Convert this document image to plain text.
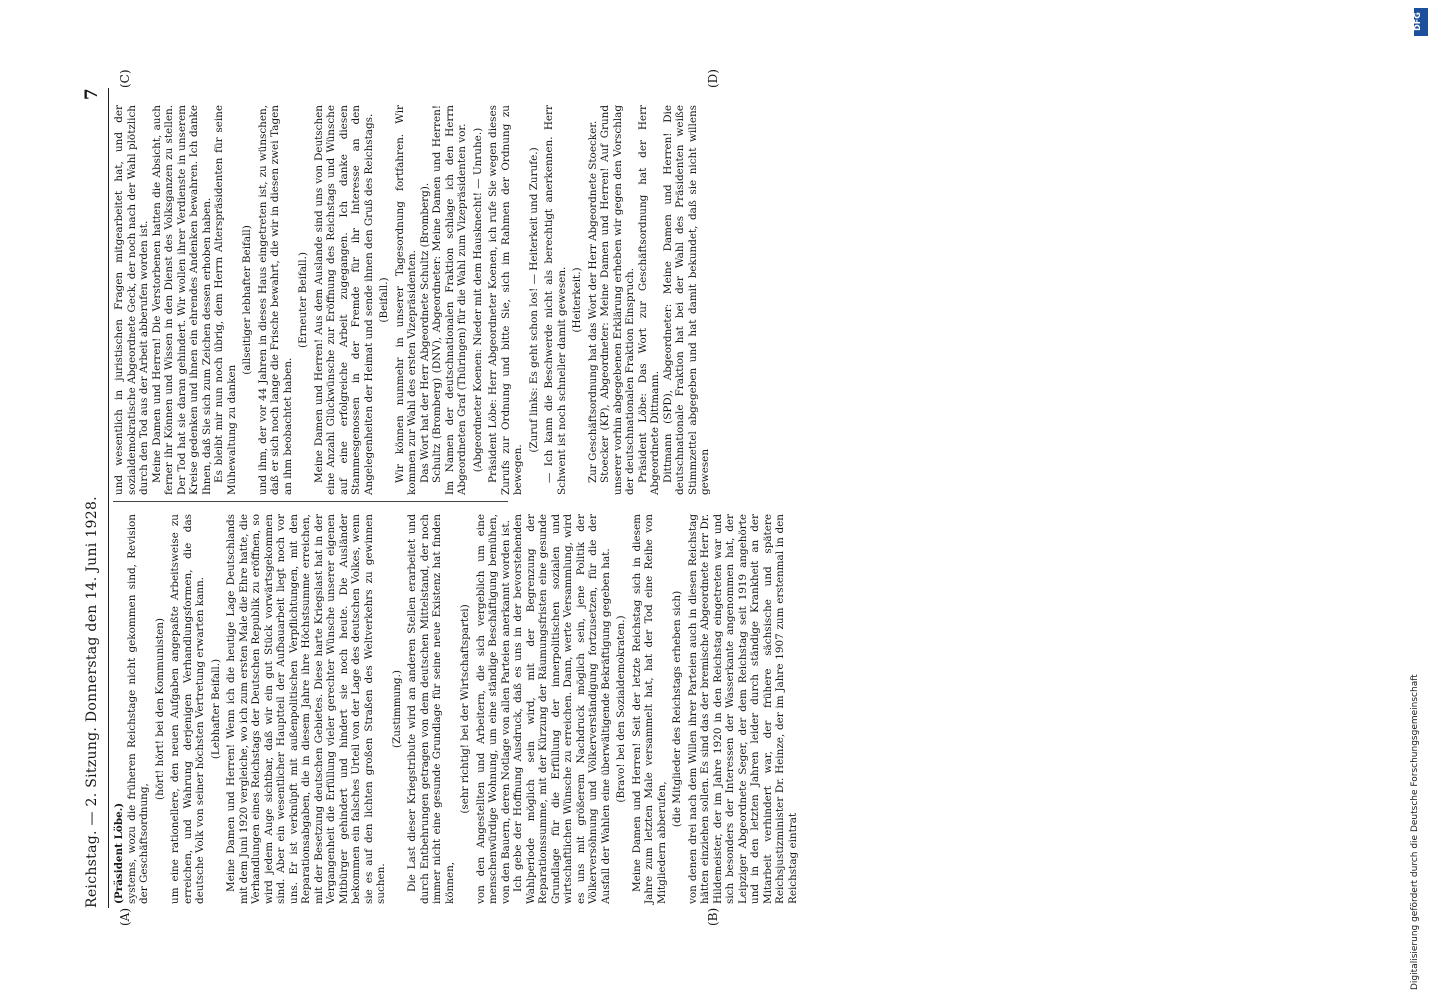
Reichstag. — 2. Sitzung. Donnerstag den 14. Juni 1928.
7
(A)	(B)
(C)	(D)

(Präsident Löbe.) systems, wozu die früheren Reichstage nicht gekommen sind, Revision der Geschäftsordnung,

(hört! hört! bei den Kommunisten) um eine rationellere, den neuen Aufgaben angepaßte Arbeitsweise zu erreichen, und Wahrung derjenigen Verhandlungsformen, die das deutsche Volk von seiner höchsten Vertretung erwarten kann. (Lebhafter Beifall.) Meine Damen und Herren! Wenn ich die heutige Lage Deutschlands mit dem Juni 1920 vergleiche, wo ich zum ersten Male die Ehre hatte, die Verhandlungen eines Reichstags der Deutschen Republik zu eröffnen, so wird jedem Auge sichtbar, daß wir ein gut Stück vorwärtsgekommen sind. Aber ein wesentlicher Hauptteil der Aufbauarbeit liegt noch vor uns. Er ist verknüpft mit außenpolitischen Verpflichtungen, mit den Reparationsabgaben, die in diesem Jahre ihre Höchstsumme erreichen, mit der Besetzung deutschen Gebietes. Diese harte Kriegslast hat in der Vergangenheit die Erfüllung vieler gerechter Wünsche unserer eigenen Mitbürger gehindert und hindert sie noch heute. Die Ausländer bekommen ein falsches Urteil von der Lage des deutschen Volkes, wenn sie es auf den lichten großen Straßen des Weltverkehrs zu gewinnen suchen.

(Zustimmung.) Die Last dieser Kriegstribute wird an anderen Stellen erarbeitet und durch Entbehrungen getragen von dem deutschen Mittelstand, der noch immer nicht eine gesunde Grundlage für seine neue Existenz hat finden können,

(sehr richtig! bei der Wirtschaftspartei) von den Angestellten und Arbeitern, die sich vergeblich um eine menschenwürdige Wohnung, um eine ständige Beschäftigung bemühen, von den Bauern, deren Notlage von allen Parteien anerkannt worden ist. Ich gebe der Hoffnung Ausdruck, daß es uns in der bevorstehenden Wahlperiode möglich sein wird, mit der Begrenzung der Reparationssumme, mit der Kürzung der Räumungsfristen eine gesunde Grundlage für die Erfüllung der innerpolitischen sozialen und wirtschaftlichen Wünsche zu erreichen. Dann, werte Versammlung, wird es uns mit größerem Nachdruck möglich sein, jene Politik der Völkerversöhnung und Völkerverständigung fortzusetzen, für die der Ausfall der Wahlen eine überwältigende Bekräftigung gegeben hat. (Bravo! bei den Sozialdemokraten.) Meine Damen und Herren! Seit der letzte Reichstag sich in diesem Jahre zum letzten Male versammelt hat, hat der Tod eine Reihe von Mitgliedern abberufen,

(die Mitglieder des Reichstags erheben sich) von denen drei nach dem Willen ihrer Parteien auch in diesen Reichstag hätten einziehen sollen. Es sind das der bremische Abgeordnete Herr Dr. Hildemeister, der im Jahre 1920 in den Reichstag eingetreten war und sich besonders der Interessen der Wasserkante angenommen hat, der Leipziger Abgeordnete Seger, der dem Reichstag seit 1919 angehörte und in den letzten Jahren leider durch ständige Krankheit an der Mitarbeit verhindert war, der frühere sächsische und spätere Reichsjustizminister Dr. Heinze, der im Jahre 1907 zum erstenmal in den Reichstag eintrat

und wesentlich in juristischen Fragen mitgearbeitet hat, und der sozialdemokratische Abgeordnete Geck, der noch nach der Wahl plötzlich durch den Tod aus der Arbeit abberufen worden ist. Meine Damen und Herren! Die Verstorbenen hatten die Absicht, auch ferner ihr Können und Wissen in den Dienst des Volksganzen zu stellen. Der Tod hat sie daran gehindert. Wir wollen ihrer Verdienste in unserem Kreise gedenken und ihnen ein ehrendes Andenken bewahren. Ich danke Ihnen, daß Sie sich zum Zeichen dessen erhoben haben. Es bleibt mir nun noch übrig, dem Herrn Alterspräsidenten für seine Mühewaltung zu danken

(allseitiger lebhafter Beifall) und ihm, der vor 44 Jahren in dieses Haus eingetreten ist, zu wünschen, daß er sich noch lange die Frische bewahrt, die wir in diesen zwei Tagen an ihm beobachtet haben.

(Erneuter Beifall.) Meine Damen und Herren! Aus dem Auslande sind uns von Deutschen eine Anzahl Glückwünsche zur Eröffnung des Reichstags und Wünsche auf eine erfolgreiche Arbeit zugegangen. Ich danke diesen Stammesgenossen in der Fremde für ihr Interesse an den Angelegenheiten der Heimat und sende ihnen den Gruß des Reichstags. (Beifall.) Wir können nunmehr in unserer Tagesordnung fortfahren. Wir kommen zur Wahl des ersten Vizepräsidenten. Das Wort hat der Herr Abgeordnete Schultz (Bromberg). Schultz (Bromberg) (DNV), Abgeordneter: Meine Damen und Herren! Im Namen der deutschnationalen Fraktion schlage ich den Herrn Abgeordneten Graf (Thüringen) für die Wahl zum Vizepräsidenten vor. (Abgeordneter Koenen: Nieder mit dem Hausknecht! — Unruhe.) Präsident Löbe: Herr Abgeordneter Koenen, ich rufe Sie wegen dieses Zurufs zur Ordnung und bitte Sie, sich im Rahmen der Ordnung zu bewegen.

(Zuruf links: Es geht schon los! — Heiterkeit und Zurufe.) — Ich kann die Beschwerde nicht als berechtigt anerkennen. Herr Schwent ist noch schneller damit gewesen. (Heiterkeit.) Zur Geschäftsordnung hat das Wort der Herr Abgeordnete Stoecker. Stoecker (KP), Abgeordneter: Meine Damen und Herren! Auf Grund unserer vorhin abgegebenen Erklärung erheben wir gegen den Vorschlag der deutschnationalen Fraktion Einspruch. Präsident Löbe: Das Wort zur Geschäftsordnung hat der Herr Abgeordnete Dittmann. Dittmann (SPD), Abgeordneter: Meine Damen und Herren! Die deutschnationale Fraktion hat bei der Wahl des Präsidenten weiße Stimmzettel abgegeben und hat damit bekundet, daß sie nicht willens gewesen

Digitalisierung gefördert durch die Deutsche Forschungsgemeinschaft
DFG
